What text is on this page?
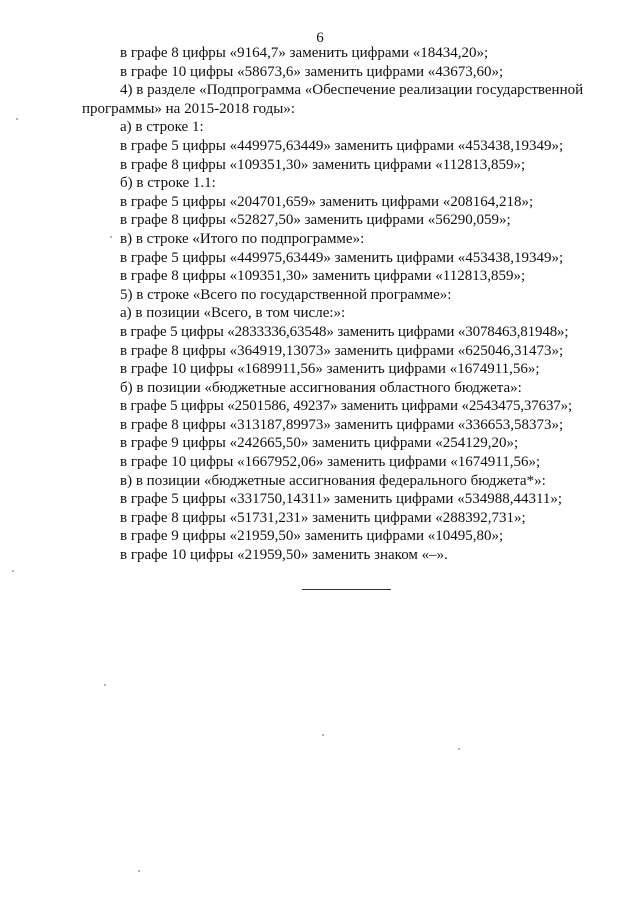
6
в графе 8 цифры «9164,7» заменить цифрами «18434,20»;
в графе 10 цифры «58673,6» заменить цифрами «43673,60»;
4) в разделе «Подпрограмма «Обеспечение реализации государственной
программы» на 2015-2018 годы»:
а) в строке 1:
в графе 5 цифры «449975,63449» заменить цифрами «453438,19349»;
в графе 8 цифры «109351,30» заменить цифрами «112813,859»;
б) в строке 1.1:
в графе 5 цифры «204701,659» заменить цифрами «208164,218»;
в графе 8 цифры «52827,50» заменить цифрами «56290,059»;
в) в строке «Итого по подпрограмме»:
в графе 5 цифры «449975,63449» заменить цифрами «453438,19349»;
в графе 8 цифры «109351,30» заменить цифрами «112813,859»;
5) в строке «Всего по государственной программе»:
а) в позиции «Всего, в том числе:»:
в графе 5 цифры «2833336,63548» заменить цифрами «3078463,81948»;
в графе 8 цифры «364919,13073» заменить цифрами «625046,31473»;
в графе 10 цифры «1689911,56» заменить цифрами «1674911,56»;
б) в позиции «бюджетные ассигнования областного бюджета»:
в графе 5 цифры «2501586, 49237» заменить цифрами «2543475,37637»;
в графе 8 цифры «313187,89973» заменить цифрами «336653,58373»;
в графе 9 цифры «242665,50» заменить цифрами «254129,20»;
в графе 10 цифры «1667952,06» заменить цифрами «1674911,56»;
в) в позиции «бюджетные ассигнования федерального бюджета*»:
в графе 5 цифры «331750,14311» заменить цифрами «534988,44311»;
в графе 8 цифры «51731,231» заменить цифрами «288392,731»;
в графе 9 цифры «21959,50» заменить цифрами «10495,80»;
в графе 10 цифры «21959,50» заменить знаком «–».
